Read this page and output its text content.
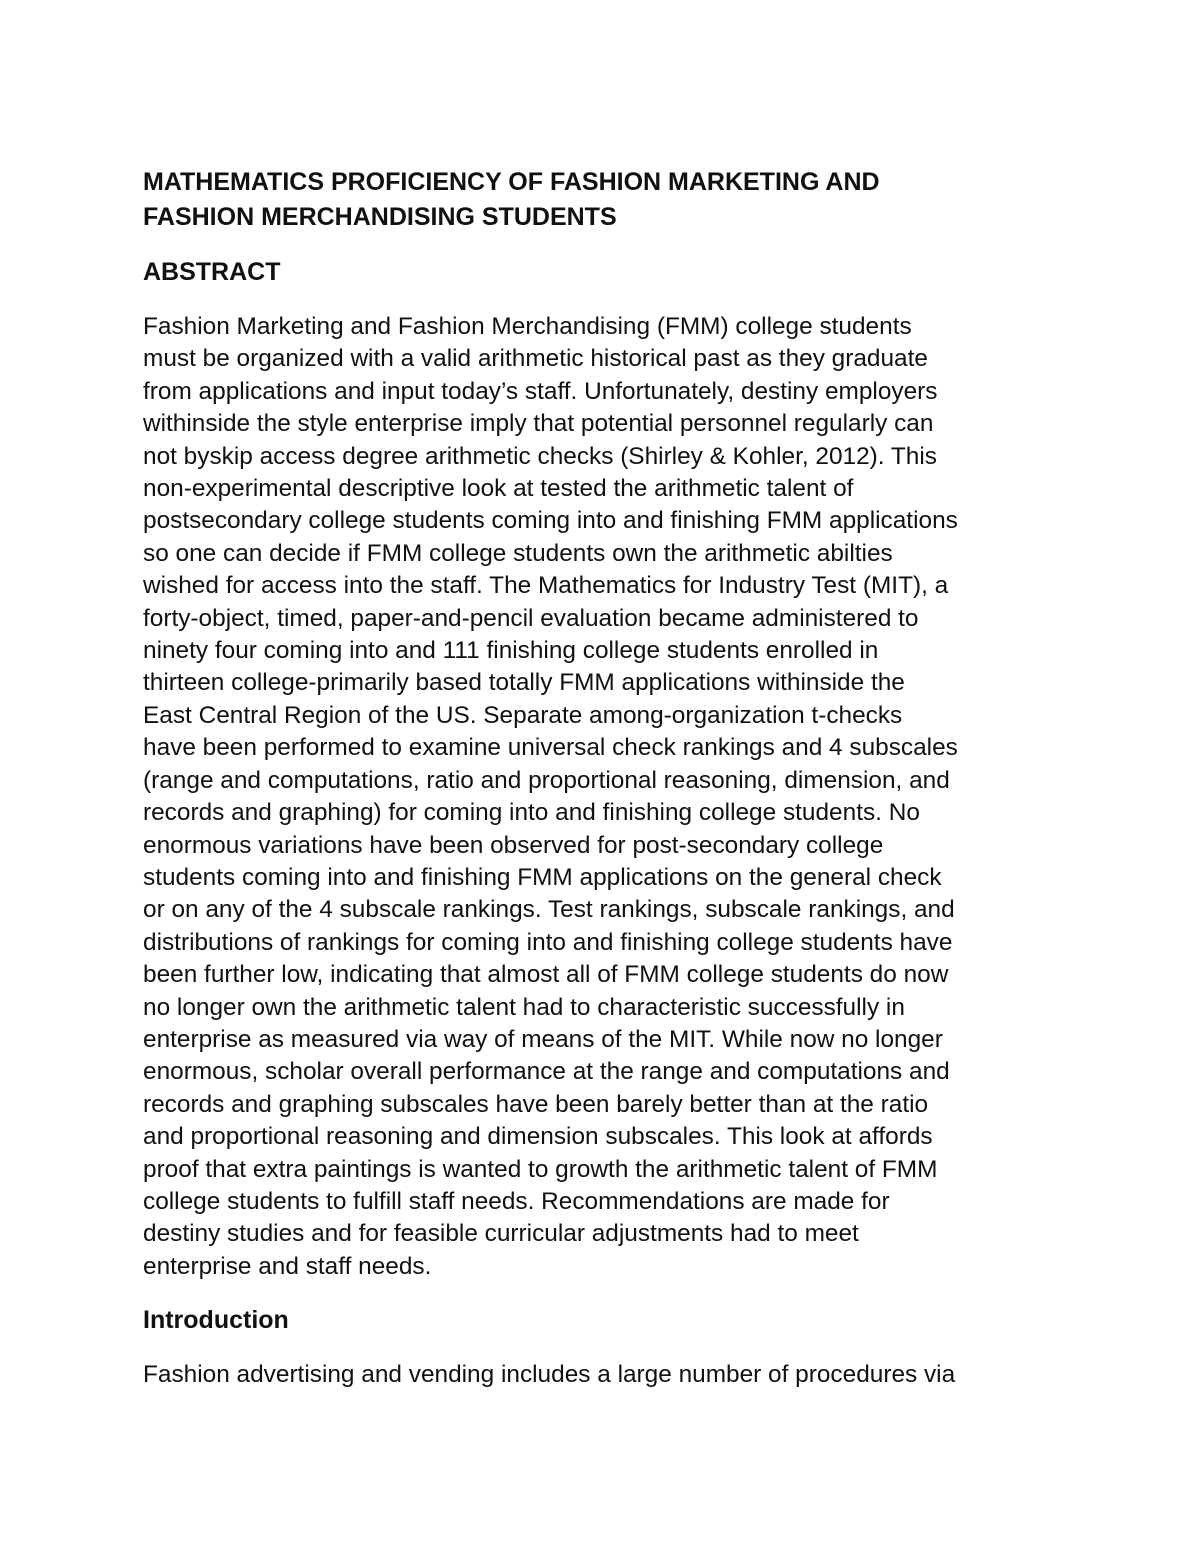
MATHEMATICS PROFICIENCY OF FASHION MARKETING AND
FASHION MERCHANDISING STUDENTS
ABSTRACT

Fashion Marketing and Fashion Merchandising (FMM) college students
must be organized with a valid arithmetic historical past as they graduate
from applications and input today’s staff. Unfortunately, destiny employers
withinside the style enterprise imply that potential personnel regularly can
not byskip access degree arithmetic checks (Shirley & Kohler, 2012). This
non-experimental descriptive look at tested the arithmetic talent of
postsecondary college students coming into and finishing FMM applications
so one can decide if FMM college students own the arithmetic abilties
wished for access into the staff. The Mathematics for Industry Test (MIT), a
forty-object, timed, paper-and-pencil evaluation became administered to
ninety four coming into and 111 finishing college students enrolled in
thirteen college-primarily based totally FMM applications withinside the
East Central Region of the US. Separate among-organization t-checks
have been performed to examine universal check rankings and 4 subscales
(range and computations, ratio and proportional reasoning, dimension, and
records and graphing) for coming into and finishing college students. No
enormous variations have been observed for post-secondary college
students coming into and finishing FMM applications on the general check
or on any of the 4 subscale rankings. Test rankings, subscale rankings, and
distributions of rankings for coming into and finishing college students have
been further low, indicating that almost all of FMM college students do now
no longer own the arithmetic talent had to characteristic successfully in
enterprise as measured via way of means of the MIT. While now no longer
enormous, scholar overall performance at the range and computations and
records and graphing subscales have been barely better than at the ratio
and proportional reasoning and dimension subscales. This look at affords
proof that extra paintings is wanted to growth the arithmetic talent of FMM
college students to fulfill staff needs. Recommendations are made for
destiny studies and for feasible curricular adjustments had to meet
enterprise and staff needs.

Introduction

Fashion advertising and vending includes a large number of procedures via
